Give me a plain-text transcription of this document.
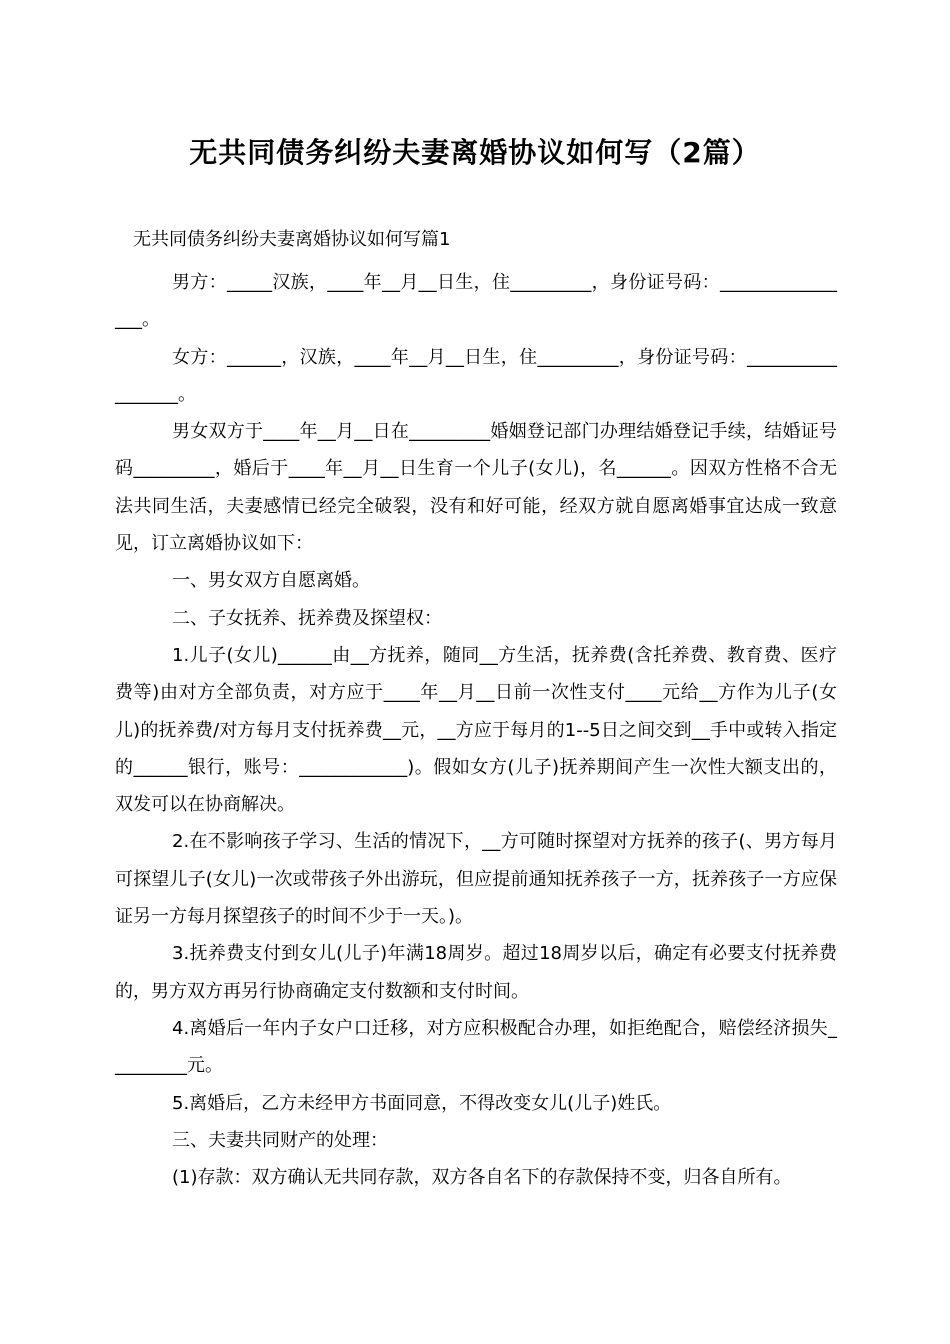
无共同债务纠纷夫妻离婚协议如何写（2篇）
无共同债务纠纷夫妻离婚协议如何写篇1

男方：_____汉族，____年__月__日生，住_________，身份证号码：________________。

女方：______，汉族，____年__月__日生，住_________，身份证号码：_________________。

男女双方于____年__月__日在_________婚姻登记部门办理结婚登记手续，结婚证号码_________，婚后于____年__月__日生育一个儿子(女儿)，名______。因双方性格不合无法共同生活，夫妻感情已经完全破裂，没有和好可能，经双方就自愿离婚事宜达成一致意见，订立离婚协议如下：

一、男女双方自愿离婚。

二、子女抚养、抚养费及探望权：

1.儿子(女儿)______由__方抚养，随同__方生活，抚养费(含托养费、教育费、医疗费等)由对方全部负责，对方应于____年__月__日前一次性支付____元给__方作为儿子(女儿)的抚养费/对方每月支付抚养费__元，__方应于每月的1--5日之间交到__手中或转入指定的______银行，账号：____________)。假如女方(儿子)抚养期间产生一次性大额支出的，双发可以在协商解决。

2.在不影响孩子学习、生活的情况下，__方可随时探望对方抚养的孩子(、男方每月可探望儿子(女儿)一次或带孩子外出游玩，但应提前通知抚养孩子一方，抚养孩子一方应保证另一方每月探望孩子的时间不少于一天。)。

3.抚养费支付到女儿(儿子)年满18周岁。超过18周岁以后，确定有必要支付抚养费的，男方双方再另行协商确定支付数额和支付时间。

4.离婚后一年内子女户口迁移，对方应积极配合办理，如拒绝配合，赔偿经济损失_________元。

5.离婚后，乙方未经甲方书面同意，不得改变女儿(儿子)姓氏。

三、夫妻共同财产的处理：

(1)存款：双方确认无共同存款，双方各自名下的存款保持不变，归各自所有。
